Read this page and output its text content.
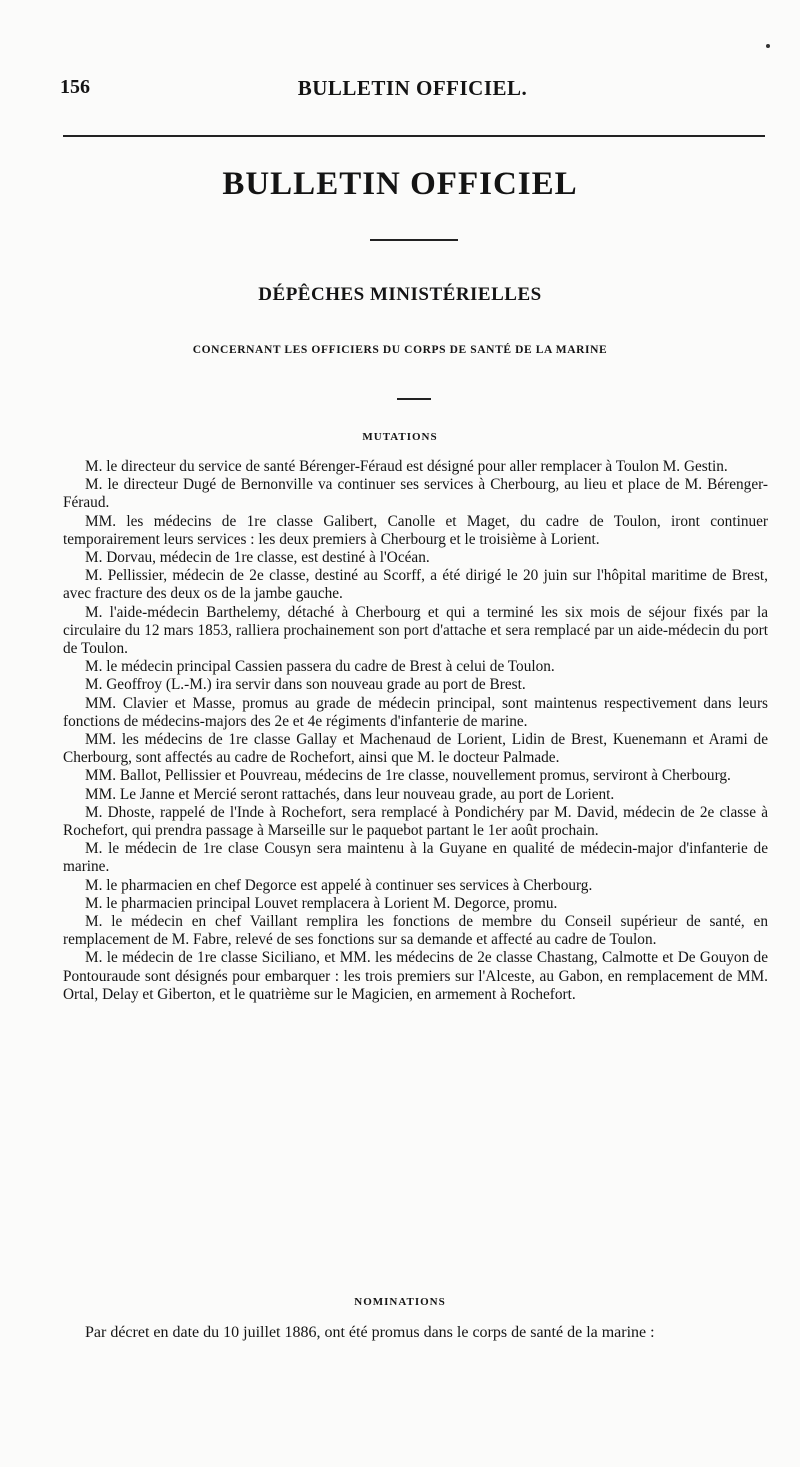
156	BULLETIN OFFICIEL.
BULLETIN OFFICIEL
DÉPÊCHES MINISTÉRIELLES
CONCERNANT LES OFFICIERS DU CORPS DE SANTÉ DE LA MARINE
MUTATIONS

M. le directeur du service de santé Bérenger-Féraud est désigné pour aller remplacer à Toulon M. Gestin.

M. le directeur Dugé de Bernonville va continuer ses services à Cherbourg, au lieu et place de M. Bérenger-Féraud.

MM. les médecins de 1re classe Galibert, Canolle et Maget, du cadre de Toulon, iront continuer temporairement leurs services : les deux premiers à Cherbourg et le troisième à Lorient.

M. Dorvau, médecin de 1re classe, est destiné à l'Océan.

M. Pellissier, médecin de 2e classe, destiné au Scorff, a été dirigé le 20 juin sur l'hôpital maritime de Brest, avec fracture des deux os de la jambe gauche.

M. l'aide-médecin Barthelemy, détaché à Cherbourg et qui a terminé les six mois de séjour fixés par la circulaire du 12 mars 1853, ralliera prochainement son port d'attache et sera remplacé par un aide-médecin du port de Toulon.

M. le médecin principal Cassien passera du cadre de Brest à celui de Toulon.

M. Geoffroy (L.-M.) ira servir dans son nouveau grade au port de Brest.

MM. Clavier et Masse, promus au grade de médecin principal, sont maintenus respectivement dans leurs fonctions de médecins-majors des 2e et 4e régiments d'infanterie de marine.

MM. les médecins de 1re classe Gallay et Machenaud de Lorient, Lidin de Brest, Kuenemann et Arami de Cherbourg, sont affectés au cadre de Rochefort, ainsi que M. le docteur Palmade.

MM. Ballot, Pellissier et Pouvreau, médecins de 1re classe, nouvellement promus, serviront à Cherbourg.

MM. Le Janne et Mercié seront rattachés, dans leur nouveau grade, au port de Lorient.

M. Dhoste, rappelé de l'Inde à Rochefort, sera remplacé à Pondichéry par M. David, médecin de 2e classe à Rochefort, qui prendra passage à Marseille sur le paquebot partant le 1er août prochain.

M. le médecin de 1re clase Cousyn sera maintenu à la Guyane en qualité de médecin-major d'infanterie de marine.

M. le pharmacien en chef Degorce est appelé à continuer ses services à Cherbourg.

M. le pharmacien principal Louvet remplacera à Lorient M. Degorce, promu.

M. le médecin en chef Vaillant remplira les fonctions de membre du Conseil supérieur de santé, en remplacement de M. Fabre, relevé de ses fonctions sur sa demande et affecté au cadre de Toulon.

M. le médecin de 1re classe Siciliano, et MM. les médecins de 2e classe Chastang, Calmotte et De Gouyon de Pontouraude sont désignés pour embarquer : les trois premiers sur l'Alceste, au Gabon, en remplacement de MM. Ortal, Delay et Giberton, et le quatrième sur le Magicien, en armement à Rochefort.

NOMINATIONS

Par décret en date du 10 juillet 1886, ont été promus dans le corps de santé de la marine :
